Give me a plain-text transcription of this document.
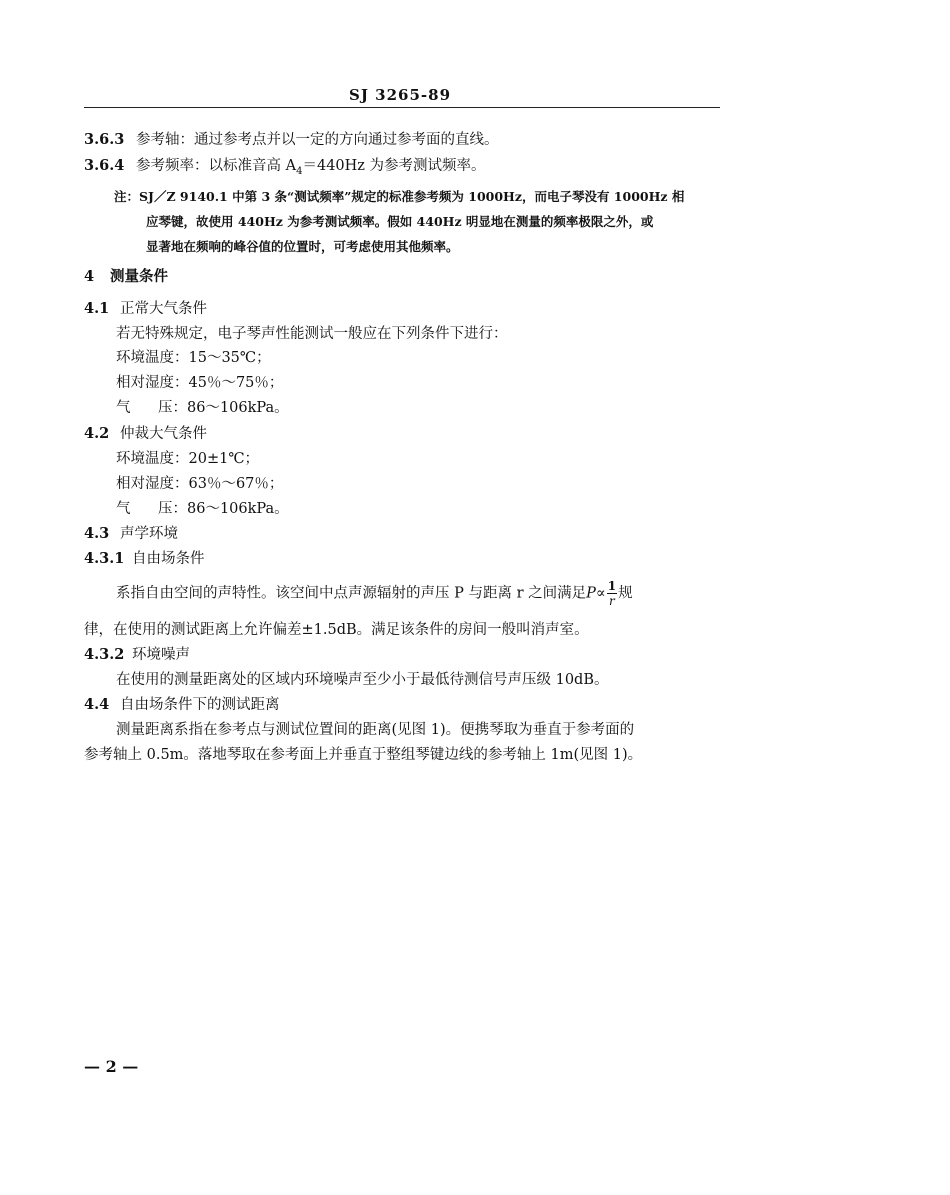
SJ 3265-89
3.6.3 参考轴：通过参考点并以一定的方向通过参考面的直线。
3.6.4 参考频率：以标准音高 $A_4=440Hz$ 为参考测试频率。
注：SJ／Z 9140.1 中第 3 条“测试频率”规定的标准参考频为 1000Hz，而电子琴没有 1000Hz 相
应琴键，故使用 440Hz 为参考测试频率。假如 440Hz 明显地在测量的频率极限之外，或
显著地在频响的峰谷值的位置时，可考虑使用其他频率。
4 测量条件
4.1 正常大气条件
若无特殊规定，电子琴声性能测试一般应在下列条件下进行：
环境温度：15～35℃；
相对湿度：45％～75％；
气 压：86～106kPa。
4.2 仲裁大气条件
环境温度：20±1℃；
相对湿度：63％～67％；
气 压：86～106kPa。
4.3 声学环境
4.3.1 自由场条件
系指自由空间的声特性。该空间中点声源辐射的声压 P 与距离 r 之间满足$P\propto \frac{1}{r}$ 规
律，在使用的测试距离上允许偏差±1.5dB。满足该条件的房间一般叫消声室。
4.3.2 环境噪声
在使用的测量距离处的区域内环境噪声至少小于最低待测信号声压级 10dB。
4.4 自由场条件下的测试距离
测量距离系指在参考点与测试位置间的距离(见图 1)。便携琴取为垂直于参考面的
参考轴上 0.5m。落地琴取在参考面上并垂直于整组琴键边线的参考轴上 1m(见图 1)。
— 2 —
